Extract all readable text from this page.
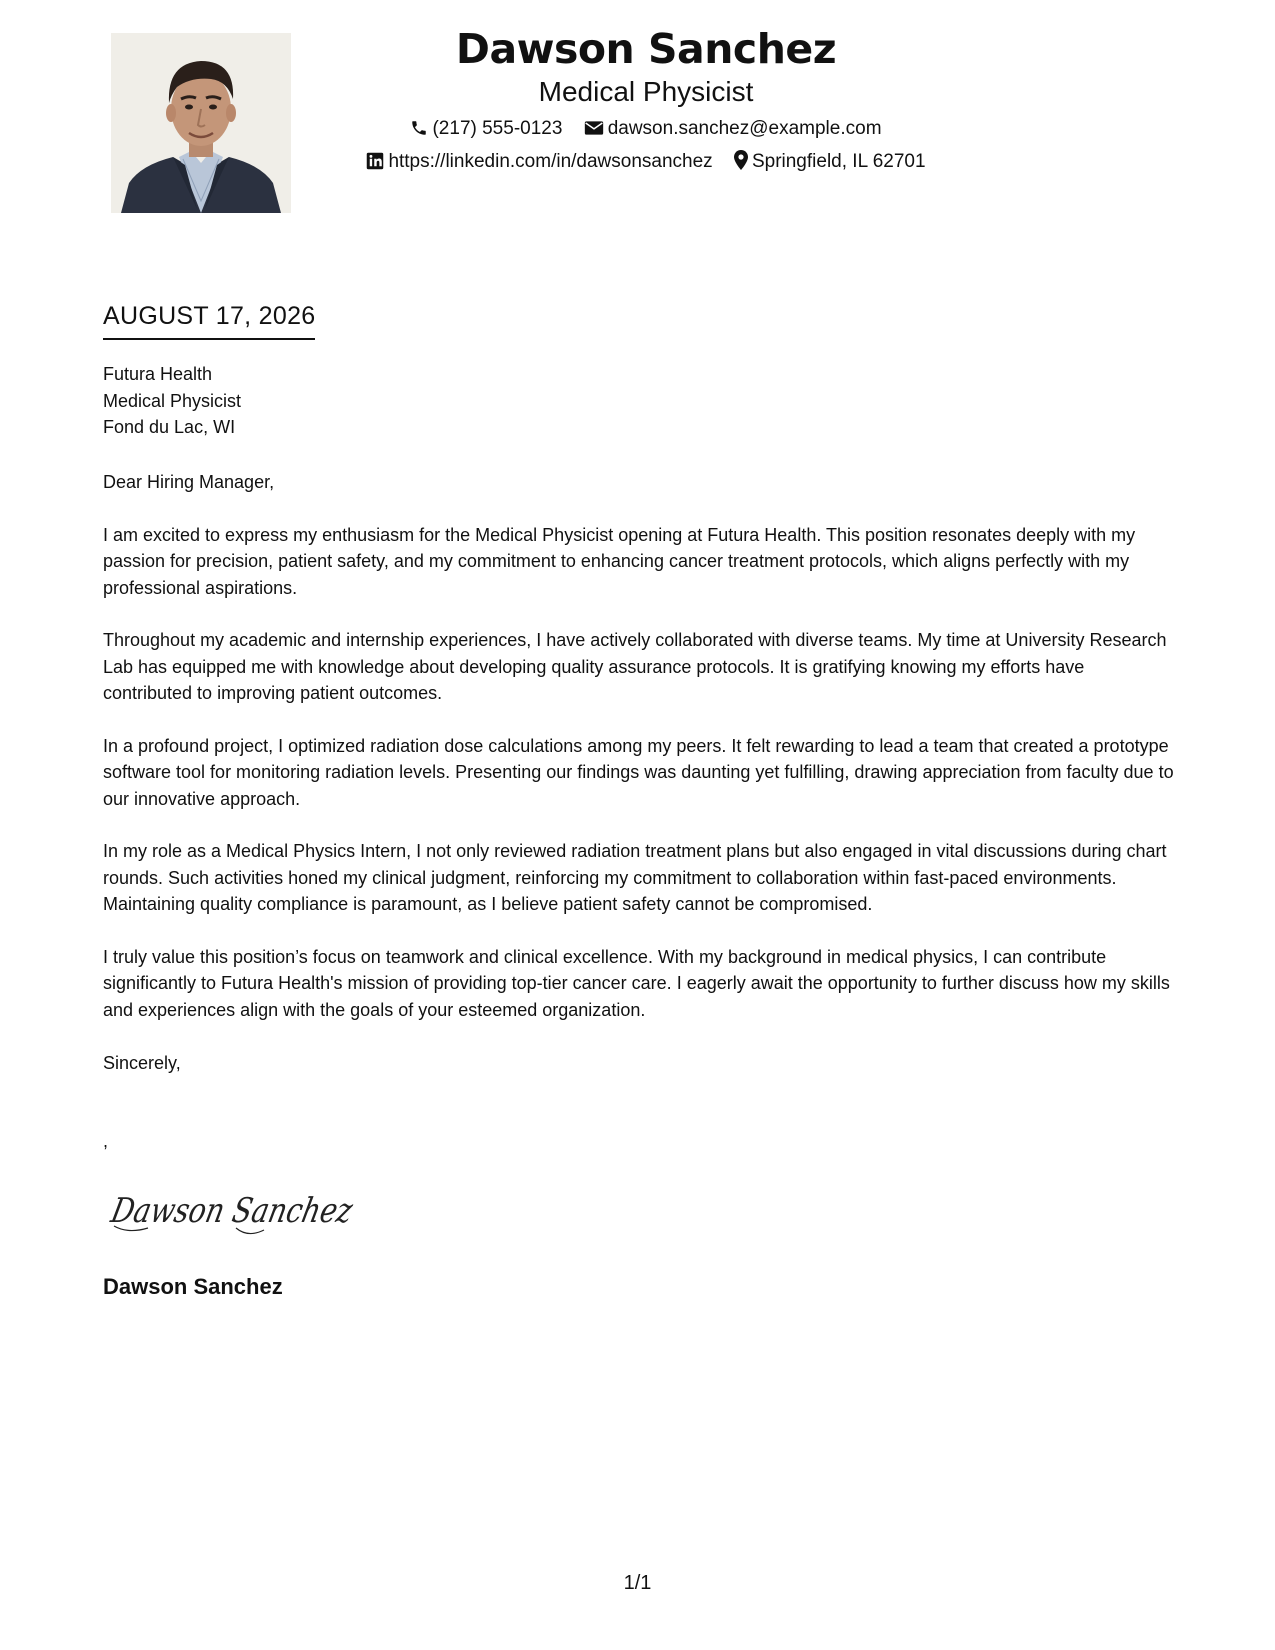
Dawson Sanchez
Medical Physicist
(217) 555-0123 dawson.sanchez@example.com
https://linkedin.com/in/dawsonsanchez Springfield, IL 62701
AUGUST 17, 2026
Futura Health
Medical Physicist
Fond du Lac, WI

Dear Hiring Manager,

I am excited to express my enthusiasm for the Medical Physicist opening at Futura Health. This position resonates deeply with my passion for precision, patient safety, and my commitment to enhancing cancer treatment protocols, which aligns perfectly with my professional aspirations.

Throughout my academic and internship experiences, I have actively collaborated with diverse teams. My time at University Research Lab has equipped me with knowledge about developing quality assurance protocols. It is gratifying knowing my efforts have contributed to improving patient outcomes.

In a profound project, I optimized radiation dose calculations among my peers. It felt rewarding to lead a team that created a prototype software tool for monitoring radiation levels. Presenting our findings was daunting yet fulfilling, drawing appreciation from faculty due to our innovative approach.

In my role as a Medical Physics Intern, I not only reviewed radiation treatment plans but also engaged in vital discussions during chart rounds. Such activities honed my clinical judgment, reinforcing my commitment to collaboration within fast-paced environments. Maintaining quality compliance is paramount, as I believe patient safety cannot be compromised.

I truly value this position’s focus on teamwork and clinical excellence. With my background in medical physics, I can contribute significantly to Futura Health's mission of providing top-tier cancer care. I eagerly await the opportunity to further discuss how my skills and experiences align with the goals of your esteemed organization.

Sincerely,
,
Dawson Sanchez
Dawson Sanchez
1/1
